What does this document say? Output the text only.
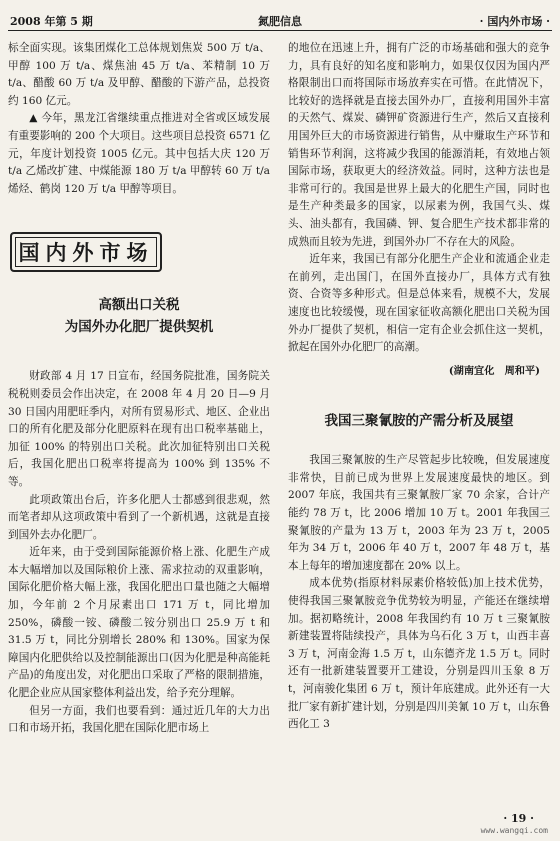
2008 年第 5 期	氮肥信息	· 国内外市场 ·

标全面实现。该集团煤化工总体规划焦炭 500 万 t/a、甲醇 100 万 t/a、煤焦油 45 万 t/a、苯精制 10 万 t/a、醋酸 60 万 t/a 及甲醇、醋酸的下游产品，总投资约 160 亿元。

▲ 今年，黑龙江省继续重点推进对全省或区域发展有重要影响的 200 个大项目。这些项目总投资 6571 亿元，年度计划投资 1005 亿元。其中包括大庆 120 万 t/a 乙烯改扩建、中煤能源 180 万 t/a 甲醇转 60 万 t/a 烯烃、鹤岗 120 万 t/a 甲醇等项目。

国内外市场
高额出口关税
为国外办化肥厂提供契机

财政部 4 月 17 日宣布，经国务院批准，国务院关税税则委员会作出决定，在 2008 年 4 月 20 日—9 月 30 日国内用肥旺季内，对所有贸易形式、地区、企业出口的所有化肥及部分化肥原料在现有出口税率基础上，加征 100% 的特别出口关税。此次加征特别出口关税后，我国化肥出口税率将提高为 100% 到 135% 不等。

此项政策出台后，许多化肥人士都感到很悲观，然而笔者却从这项政策中看到了一个新机遇，这就是直接到国外去办化肥厂。

近年来，由于受到国际能源价格上涨、化肥生产成本大幅增加以及国际粮价上涨、需求拉动的双重影响，国际化肥价格大幅上涨，我国化肥出口量也随之大幅增加，今年前 2 个月尿素出口 171 万 t，同比增加 250%，磷酸一铵、磷酸二铵分别出口 25.9 万 t 和 31.5 万 t，同比分别增长 280% 和 130%。国家为保障国内化肥供给以及控制能源出口(因为化肥是种高能耗产品)的角度出发，对化肥出口采取了严格的限制措施，化肥企业应从国家整体利益出发，给予充分理解。

但另一方面，我们也要看到：通过近几年的大力出口和市场开拓，我国化肥在国际化肥市场上

的地位在迅速上升，拥有广泛的市场基础和强大的竞争力，具有良好的知名度和影响力，如果仅仅因为国内严格限制出口而将国际市场放弃实在可惜。在此情况下，比较好的选择就是直接去国外办厂，直接利用国外丰富的天然气、煤炭、磷钾矿资源进行生产，然后又直接利用国外巨大的市场资源进行销售，从中赚取生产环节和销售环节利润，这将减少我国的能源消耗，有效地占领国际市场，获取更大的经济效益。同时，这种方法也是非常可行的。我国是世界上最大的化肥生产国，同时也是生产种类最多的国家，以尿素为例，我国气头、煤头、油头都有，我国磷、钾、复合肥生产技术都非常的成熟而且较为先进，到国外办厂不存在大的风险。

近年来，我国已有部分化肥生产企业和流通企业走在前列，走出国门，在国外直接办厂，具体方式有独资、合资等多种形式。但是总体来看，规模不大，发展速度也比较缓慢，现在国家征收高额化肥出口关税为国外办厂提供了契机，相信一定有企业会抓住这一契机，掀起在国外办化肥厂的高潮。

(湖南宜化　周和平)
我国三聚氰胺的产需分析及展望

我国三聚氰胺的生产尽管起步比较晚，但发展速度非常快，目前已成为世界上发展速度最快的地区。到 2007 年底，我国共有三聚氰胺厂家 70 余家，合计产能约 78 万 t，比 2006 增加 10 万 t。2001 年我国三聚氰胺的产量为 13 万 t，2003 年为 23 万 t，2005 年为 34 万 t，2006 年 40 万 t，2007 年 48 万 t，基本上每年的增加速度都在 20% 以上。

成本优势(指原材料尿素价格较低)加上技术优势，使得我国三聚氰胺竞争优势较为明显，产能还在继续增加。据初略统计，2008 年我国约有 10 万 t 三聚氰胺新建装置将陆续投产，具体为乌石化 3 万 t，山西丰喜 3 万 t，河南金海 1.5 万 t，山东德齐龙 1.5 万 t。同时还有一批新建装置要开工建设，分别是四川玉象 8 万 t，河南骏化集团 6 万 t，预计年底建成。此外还有一大批厂家有新扩建计划，分别是四川美氰 10 万 t，山东鲁西化工 3

· 19 ·
www.wangqi.com
